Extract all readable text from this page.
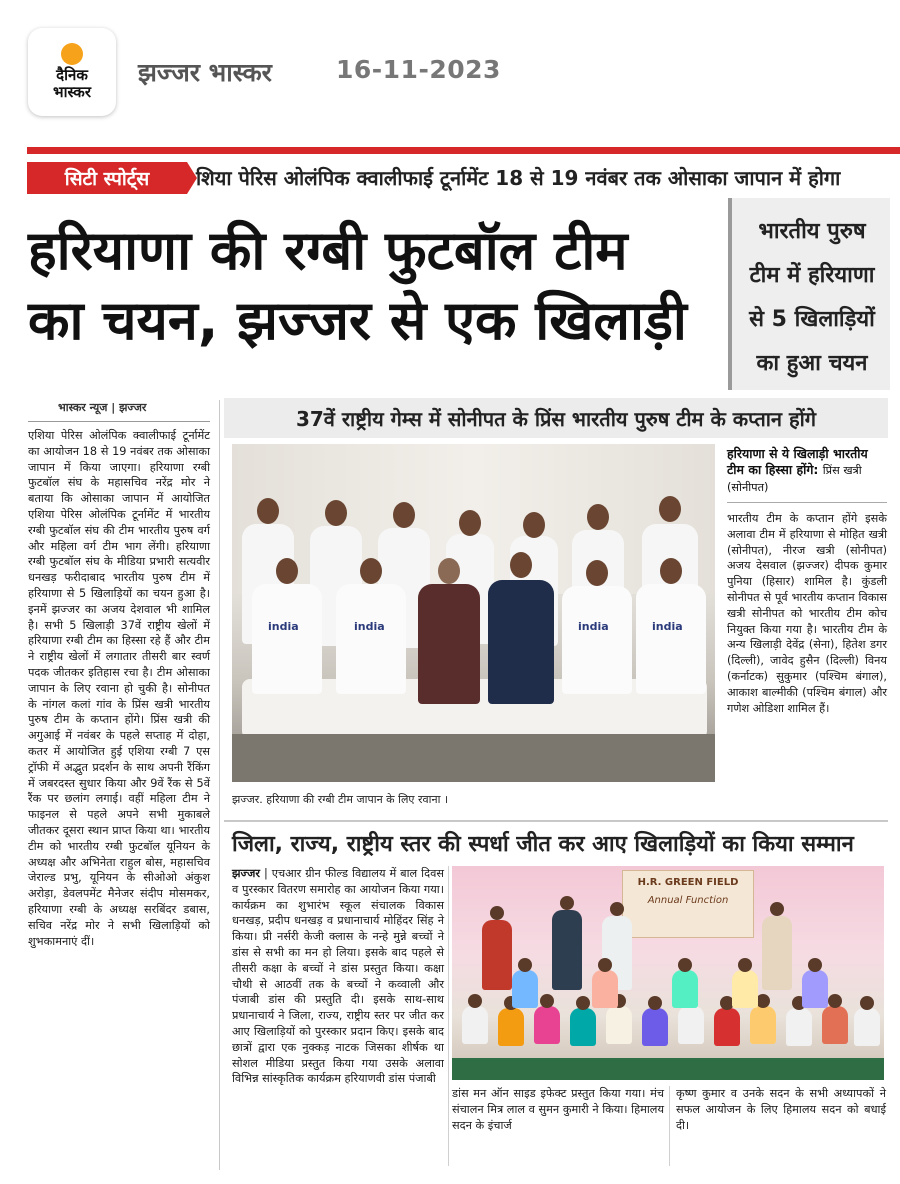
दैनिक
भास्कर
झज्जर भास्कर	16-11-2023
सिटी स्पोर्ट्स	शिया पेरिस ओलंपिक क्वालीफाई टूर्नामेंट 18 से 19 नवंबर तक ओसाका जापान में होगा
हरियाणा की रग्बी फुटबॉल टीम
का चयन, झज्जर से एक खिलाड़ी
भारतीय पुरुष टीम में हरियाणा से 5 खिलाड़ियों का हुआ चयन
भास्कर न्यूज | झज्जर

एशिया पेरिस ओलंपिक क्वालीफाई टूर्नामेंट का आयोजन 18 से 19 नवंबर तक ओसाका जापान में किया जाएगा। हरियाणा रग्बी फुटबॉल संघ के महासचिव नरेंद्र मोर ने बताया कि ओसाका जापान में आयोजित एशिया पेरिस ओलंपिक टूर्नामेंट में भारतीय रग्बी फुटबॉल संघ की टीम भारतीय पुरुष वर्ग और महिला वर्ग टीम भाग लेंगी। हरियाणा रग्बी फुटबॉल संघ के मीडिया प्रभारी सत्यवीर धनखड़ फरीदाबाद भारतीय पुरुष टीम में हरियाणा से 5 खिलाड़ियों का चयन हुआ है। इनमें झज्जर का अजय देशवाल भी शामिल है। सभी 5 खिलाड़ी 37वें राष्ट्रीय खेलों में हरियाणा रग्बी टीम का हिस्सा रहे हैं और टीम ने राष्ट्रीय खेलों में लगातार तीसरी बार स्वर्ण पदक जीतकर इतिहास रचा है। टीम ओसाका जापान के लिए रवाना हो चुकी है। सोनीपत के नांगल कलां गांव के प्रिंस खत्री भारतीय पुरुष टीम के कप्तान होंगे। प्रिंस खत्री की अगुआई में नवंबर के पहले सप्ताह में दोहा, कतर में आयोजित हुई एशिया रग्बी 7 एस ट्रॉफी में अद्भुत प्रदर्शन के साथ अपनी रैंकिंग में जबरदस्त सुधार किया और 9वें रैंक से 5वें रैंक पर छलांग लगाई। वहीं महिला टीम ने फाइनल से पहले अपने सभी मुकाबले जीतकर दूसरा स्थान प्राप्त किया था। भारतीय टीम को भारतीय रग्बी फुटबॉल यूनियन के अध्यक्ष और अभिनेता राहुल बोस, महासचिव जेराल्ड प्रभु, यूनियन के सीओओ अंकुश अरोड़ा, डेवलपमेंट मैनेजर संदीप मोसमकर, हरियाणा रग्बी के अध्यक्ष सरबिंदर डबास, सचिव नरेंद्र मोर ने सभी खिलाड़ियों को शुभकामनाएं दीं।

37वें राष्ट्रीय गेम्स में सोनीपत के प्रिंस भारतीय पुरुष टीम के कप्तान होंगे
india	india	india	india
झज्जर. हरियाणा की रग्बी टीम जापान के लिए रवाना ।

हरियाणा से ये खिलाड़ी भारतीय टीम का हिस्सा होंगे: प्रिंस खत्री (सोनीपत)

भारतीय टीम के कप्तान होंगे इसके अलावा टीम में हरियाणा से मोहित खत्री (सोनीपत), नीरज खत्री (सोनीपत) अजय देसवाल (झज्जर) दीपक कुमार पुनिया (हिसार) शामिल है। कुंडली सोनीपत से पूर्व भारतीय कप्तान विकास खत्री सोनीपत को भारतीय टीम कोच नियुक्त किया गया है। भारतीय टीम के अन्य खिलाड़ी देवेंद्र (सेना), हितेश डगर (दिल्ली), जावेद हुसैन (दिल्ली) विनय (कर्नाटक) सुकुमार (पश्चिम बंगाल), आकाश बाल्मीकी (पश्चिम बंगाल) और गणेश ओडिशा शामिल हैं।

जिला, राज्य, राष्ट्रीय स्तर की स्पर्धा जीत कर आए खिलाड़ियों का किया सम्मान

झज्जर | एचआर ग्रीन फील्ड विद्यालय में बाल दिवस व पुरस्कार वितरण समारोह का आयोजन किया गया। कार्यक्रम का शुभारंभ स्कूल संचालक विकास धनखड़, प्रदीप धनखड़ व प्रधानाचार्य मोहिंदर सिंह ने किया। प्री नर्सरी केजी क्लास के नन्हे मुन्ने बच्चों ने डांस से सभी का मन हो लिया। इसके बाद पहले से तीसरी कक्षा के बच्चों ने डांस प्रस्तुत किया। कक्षा चौथी से आठवीं तक के बच्चों ने कव्वाली और पंजाबी डांस की प्रस्तुति दी। इसके साथ-साथ प्रधानाचार्य ने जिला, राज्य, राष्ट्रीय स्तर पर जीत कर आए खिलाड़ियों को पुरस्कार प्रदान किए। इसके बाद छात्रों द्वारा एक नुक्कड़ नाटक जिसका शीर्षक था सोशल मीडिया प्रस्तुत किया गया उसके अलावा विभिन्न सांस्कृतिक कार्यक्रम हरियाणवी डांस पंजाबी

H.R. GREEN FIELD
Annual Function
डांस मन ऑन साइड इफेक्ट प्रस्तुत किया गया। मंच संचालन मित्र लाल व सुमन कुमारी ने किया। हिमालय सदन के इंचार्ज
कृष्ण कुमार व उनके सदन के सभी अध्यापकों ने सफल आयोजन के लिए हिमालय सदन को बधाई दी।
